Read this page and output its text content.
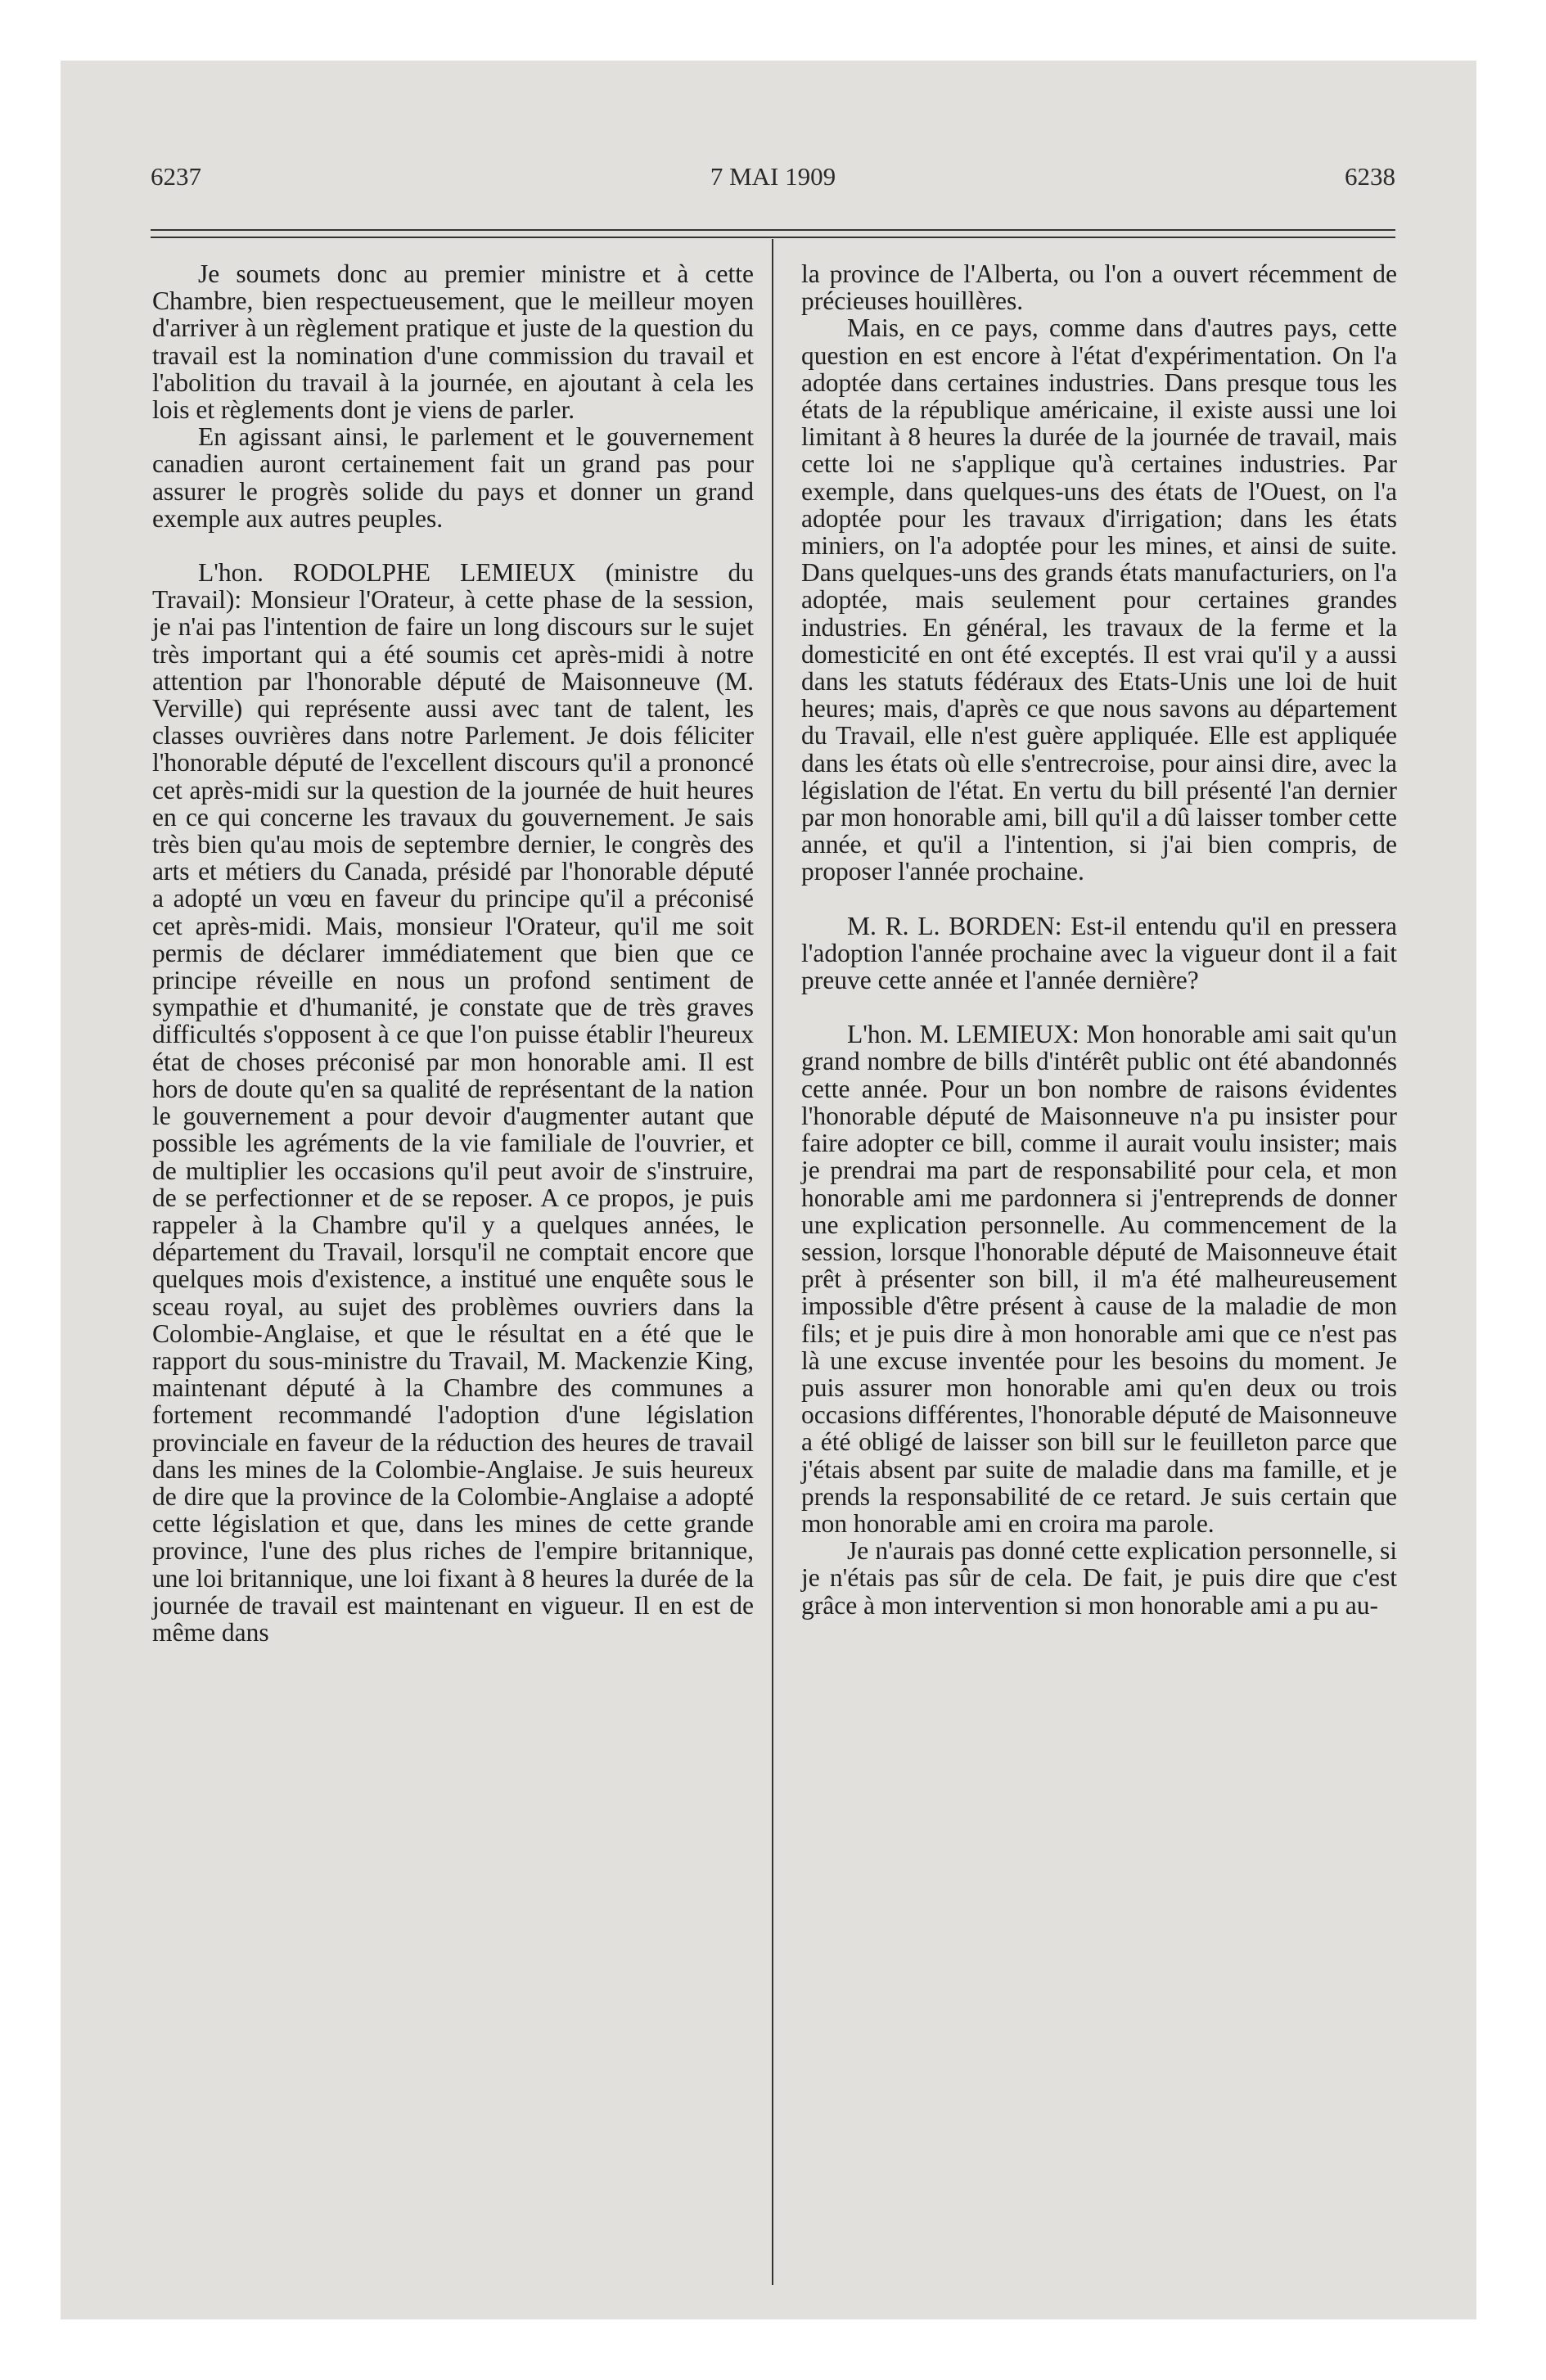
6237	7 MAI 1909	6238

Je soumets donc au premier ministre et à cette Chambre, bien respectueusement, que le meilleur moyen d'arriver à un règlement pratique et juste de la question du travail est la nomination d'une commission du travail et l'abolition du travail à la journée, en ajoutant à cela les lois et règlements dont je viens de parler.

En agissant ainsi, le parlement et le gouvernement canadien auront certainement fait un grand pas pour assurer le progrès solide du pays et donner un grand exemple aux autres peuples.

L'hon. RODOLPHE LEMIEUX (ministre du Travail): Monsieur l'Orateur, à cette phase de la session, je n'ai pas l'intention de faire un long discours sur le sujet très important qui a été soumis cet après-midi à notre attention par l'honorable député de Maisonneuve (M. Verville) qui représente aussi avec tant de talent, les classes ouvrières dans notre Parlement. Je dois féliciter l'honorable député de l'excellent discours qu'il a prononcé cet après-midi sur la question de la journée de huit heures en ce qui concerne les travaux du gouvernement. Je sais très bien qu'au mois de septembre dernier, le congrès des arts et métiers du Canada, présidé par l'honorable député a adopté un vœu en faveur du principe qu'il a préconisé cet après-midi. Mais, monsieur l'Orateur, qu'il me soit permis de déclarer immédiatement que bien que ce principe réveille en nous un profond sentiment de sympathie et d'humanité, je constate que de très graves difficultés s'opposent à ce que l'on puisse établir l'heureux état de choses préconisé par mon honorable ami. Il est hors de doute qu'en sa qualité de représentant de la nation le gouvernement a pour devoir d'augmenter autant que possible les agréments de la vie familiale de l'ouvrier, et de multiplier les occasions qu'il peut avoir de s'instruire, de se perfectionner et de se reposer. A ce propos, je puis rappeler à la Chambre qu'il y a quelques années, le département du Travail, lorsqu'il ne comptait encore que quelques mois d'existence, a institué une enquête sous le sceau royal, au sujet des problèmes ouvriers dans la Colombie-Anglaise, et que le résultat en a été que le rapport du sous-ministre du Travail, M. Mackenzie King, maintenant député à la Chambre des communes a fortement recommandé l'adoption d'une législation provinciale en faveur de la réduction des heures de travail dans les mines de la Colombie-Anglaise. Je suis heureux de dire que la province de la Colombie-Anglaise a adopté cette législation et que, dans les mines de cette grande province, l'une des plus riches de l'empire britannique, une loi britannique, une loi fixant à 8 heures la durée de la journée de travail est maintenant en vigueur. Il en est de même dans

la province de l'Alberta, ou l'on a ouvert récemment de précieuses houillères.

Mais, en ce pays, comme dans d'autres pays, cette question en est encore à l'état d'expérimentation. On l'a adoptée dans certaines industries. Dans presque tous les états de la république américaine, il existe aussi une loi limitant à 8 heures la durée de la journée de travail, mais cette loi ne s'applique qu'à certaines industries. Par exemple, dans quelques-uns des états de l'Ouest, on l'a adoptée pour les travaux d'irrigation; dans les états miniers, on l'a adoptée pour les mines, et ainsi de suite. Dans quelques-uns des grands états manufacturiers, on l'a adoptée, mais seulement pour certaines grandes industries. En général, les travaux de la ferme et la domesticité en ont été exceptés. Il est vrai qu'il y a aussi dans les statuts fédéraux des Etats-Unis une loi de huit heures; mais, d'après ce que nous savons au département du Travail, elle n'est guère appliquée. Elle est appliquée dans les états où elle s'entrecroise, pour ainsi dire, avec la législation de l'état. En vertu du bill présenté l'an dernier par mon honorable ami, bill qu'il a dû laisser tomber cette année, et qu'il a l'intention, si j'ai bien compris, de proposer l'année prochaine.

M. R. L. BORDEN: Est-il entendu qu'il en pressera l'adoption l'année prochaine avec la vigueur dont il a fait preuve cette année et l'année dernière?

L'hon. M. LEMIEUX: Mon honorable ami sait qu'un grand nombre de bills d'intérêt public ont été abandonnés cette année. Pour un bon nombre de raisons évidentes l'honorable député de Maisonneuve n'a pu insister pour faire adopter ce bill, comme il aurait voulu insister; mais je prendrai ma part de responsabilité pour cela, et mon honorable ami me pardonnera si j'entreprends de donner une explication personnelle. Au commencement de la session, lorsque l'honorable député de Maisonneuve était prêt à présenter son bill, il m'a été malheureusement impossible d'être présent à cause de la maladie de mon fils; et je puis dire à mon honorable ami que ce n'est pas là une excuse inventée pour les besoins du moment. Je puis assurer mon honorable ami qu'en deux ou trois occasions différentes, l'honorable député de Maisonneuve a été obligé de laisser son bill sur le feuilleton parce que j'étais absent par suite de maladie dans ma famille, et je prends la responsabilité de ce retard. Je suis certain que mon honorable ami en croira ma parole.

Je n'aurais pas donné cette explication personnelle, si je n'étais pas sûr de cela. De fait, je puis dire que c'est grâce à mon intervention si mon honorable ami a pu au-
